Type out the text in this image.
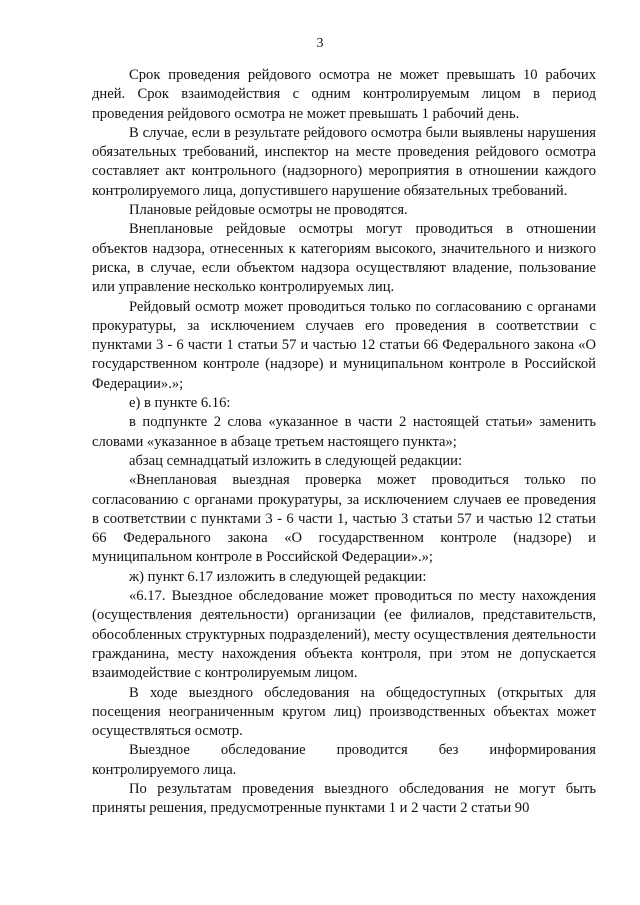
3

Срок проведения рейдового осмотра не может превышать 10 рабочих дней. Срок взаимодействия с одним контролируемым лицом в период проведения рейдового осмотра не может превышать 1 рабочий день.

В случае, если в результате рейдового осмотра были выявлены нарушения обязательных требований, инспектор на месте проведения рейдового осмотра составляет акт контрольного (надзорного) мероприятия в отношении каждого контролируемого лица, допустившего нарушение обязательных требований.

Плановые рейдовые осмотры не проводятся.

Внеплановые рейдовые осмотры могут проводиться в отношении объектов надзора, отнесенных к категориям высокого, значительного и низкого риска, в случае, если объектом надзора осуществляют владение, пользование или управление несколько контролируемых лиц.

Рейдовый осмотр может проводиться только по согласованию с органами прокуратуры, за исключением случаев его проведения в соответствии с пунктами 3 - 6 части 1 статьи 57 и частью 12 статьи 66 Федерального закона «О государственном контроле (надзоре) и муниципальном контроле в Российской Федерации».»;

е) в пункте 6.16:

в подпункте 2 слова «указанное в части 2 настоящей статьи» заменить словами «указанное в абзаце третьем настоящего пункта»;

абзац семнадцатый изложить в следующей редакции:

«Внеплановая выездная проверка может проводиться только по согласованию с органами прокуратуры, за исключением случаев ее проведения в соответствии с пунктами 3 - 6 части 1, частью 3 статьи 57 и частью 12 статьи 66 Федерального закона «О государственном контроле (надзоре) и муниципальном контроле в Российской Федерации».»;

ж) пункт 6.17 изложить в следующей редакции:

«6.17. Выездное обследование может проводиться по месту нахождения (осуществления деятельности) организации (ее филиалов, представительств, обособленных структурных подразделений), месту осуществления деятельности гражданина, месту нахождения объекта контроля, при этом не допускается взаимодействие с контролируемым лицом.

В ходе выездного обследования на общедоступных (открытых для посещения неограниченным кругом лиц) производственных объектах может осуществляться осмотр.

Выездное обследование проводится без информирования контролируемого лица.

По результатам проведения выездного обследования не могут быть приняты решения, предусмотренные пунктами 1 и 2 части 2 статьи 90
